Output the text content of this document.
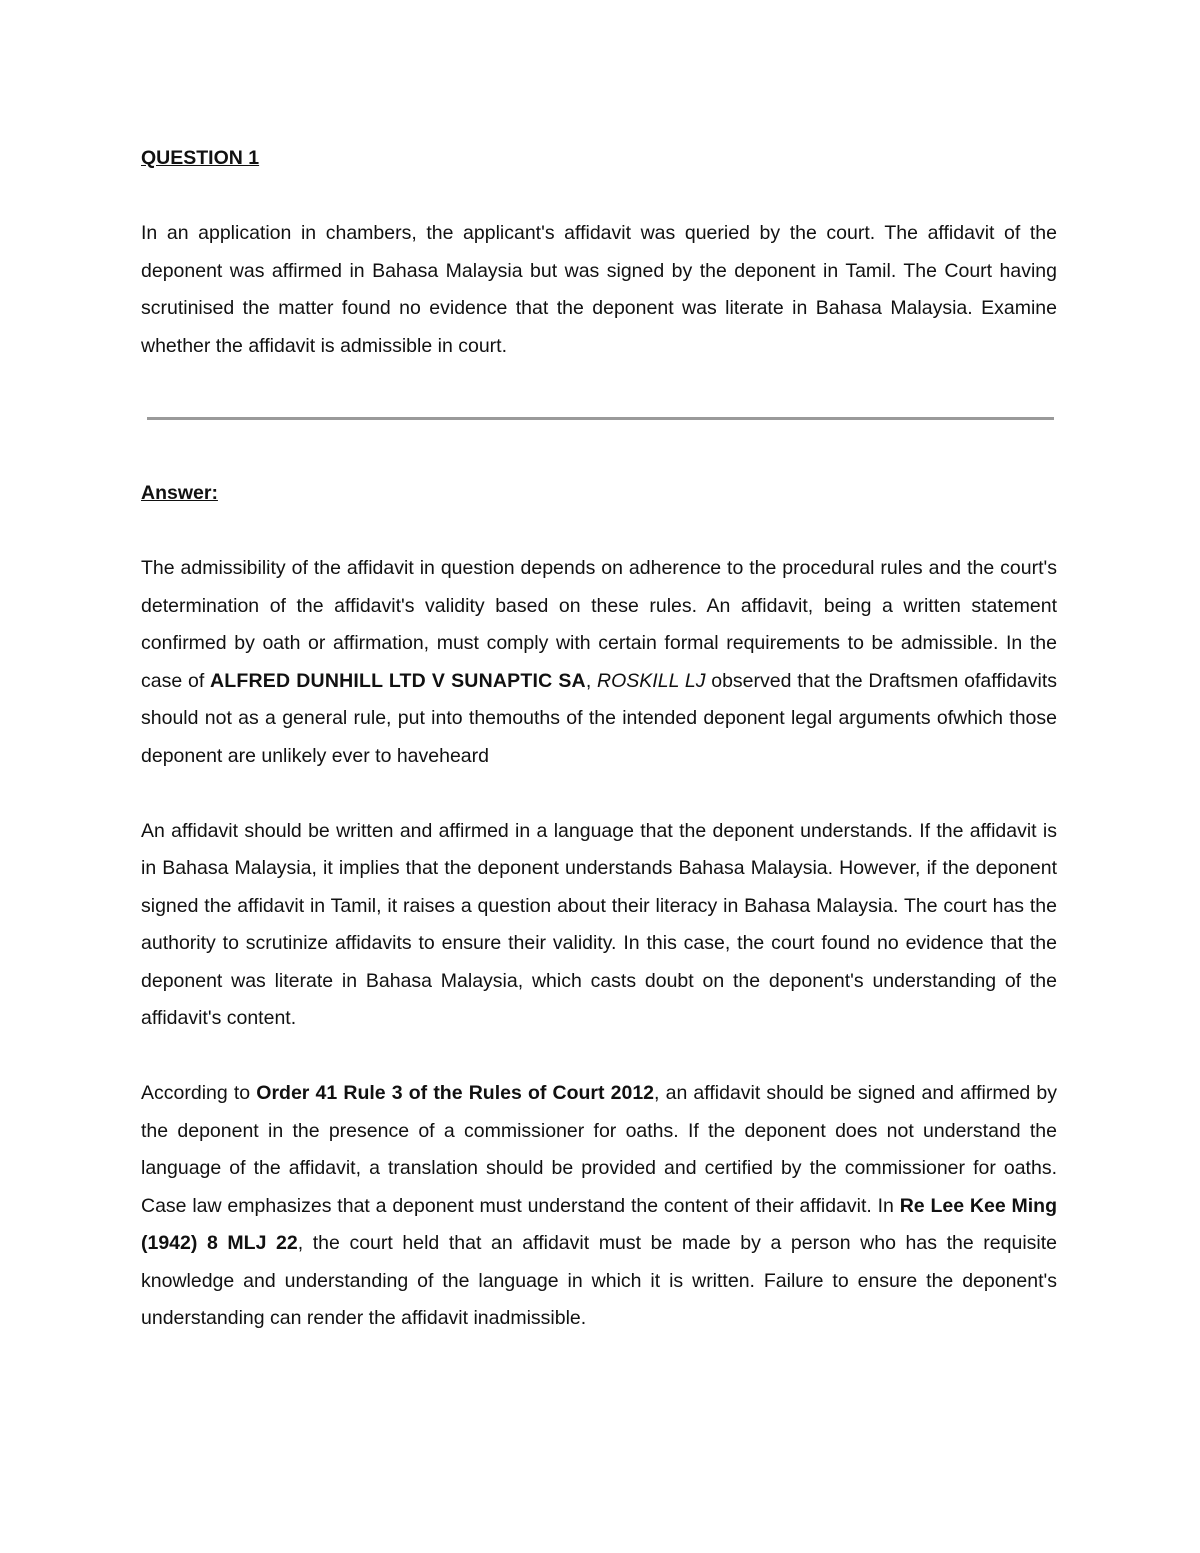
QUESTION 1

In an application in chambers, the applicant's affidavit was queried by the court. The affidavit of the deponent was affirmed in Bahasa Malaysia but was signed by the deponent in Tamil. The Court having scrutinised the matter found no evidence that the deponent was literate in Bahasa Malaysia. Examine whether the affidavit is admissible in court.

Answer:

The admissibility of the affidavit in question depends on adherence to the procedural rules and the court's determination of the affidavit's validity based on these rules. An affidavit, being a written statement confirmed by oath or affirmation, must comply with certain formal requirements to be admissible. In the case of ALFRED DUNHILL LTD V SUNAPTIC SA, ROSKILL LJ observed that the Draftsmen ofaffidavits should not as a general rule, put into themouths of the intended deponent legal arguments ofwhich those deponent are unlikely ever to haveheard

An affidavit should be written and affirmed in a language that the deponent understands. If the affidavit is in Bahasa Malaysia, it implies that the deponent understands Bahasa Malaysia. However, if the deponent signed the affidavit in Tamil, it raises a question about their literacy in Bahasa Malaysia. The court has the authority to scrutinize affidavits to ensure their validity. In this case, the court found no evidence that the deponent was literate in Bahasa Malaysia, which casts doubt on the deponent's understanding of the affidavit's content.

According to Order 41 Rule 3 of the Rules of Court 2012, an affidavit should be signed and affirmed by the deponent in the presence of a commissioner for oaths. If the deponent does not understand the language of the affidavit, a translation should be provided and certified by the commissioner for oaths. Case law emphasizes that a deponent must understand the content of their affidavit. In Re Lee Kee Ming (1942) 8 MLJ 22, the court held that an affidavit must be made by a person who has the requisite knowledge and understanding of the language in which it is written. Failure to ensure the deponent's understanding can render the affidavit inadmissible.
